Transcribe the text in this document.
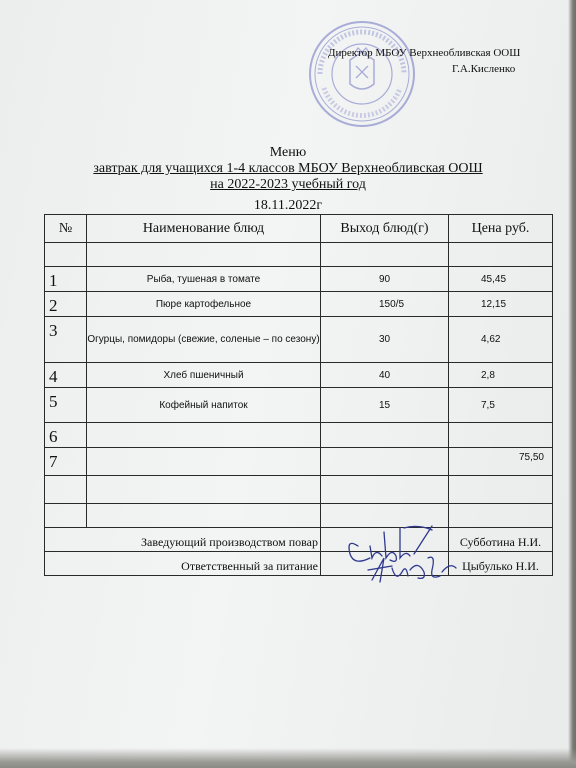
Директор МБОУ Верхнеобливская ООШ
Г.А.Кисленко
Меню
завтрак для учащихся 1-4 классов МБОУ Верхнеобливская ООШ
на 2022-2023 учебный год
18.11.2022г
№	Наименование блюд	Выход блюд(г)	Цена руб.

1	Рыба, тушеная в томате	90	45,45
2	Пюре картофельное	150/5	12,15
3	Огурцы, помидоры (свежие, соленые – по сезону)	30	4,62
4	Хлеб пшеничный	40	2,8
5	Кофейный напиток	15	7,5
6			
7			75,50

Заведующий производством повар			Субботина Н.И.
Ответственный за питание			Цыбулько Н.И.
